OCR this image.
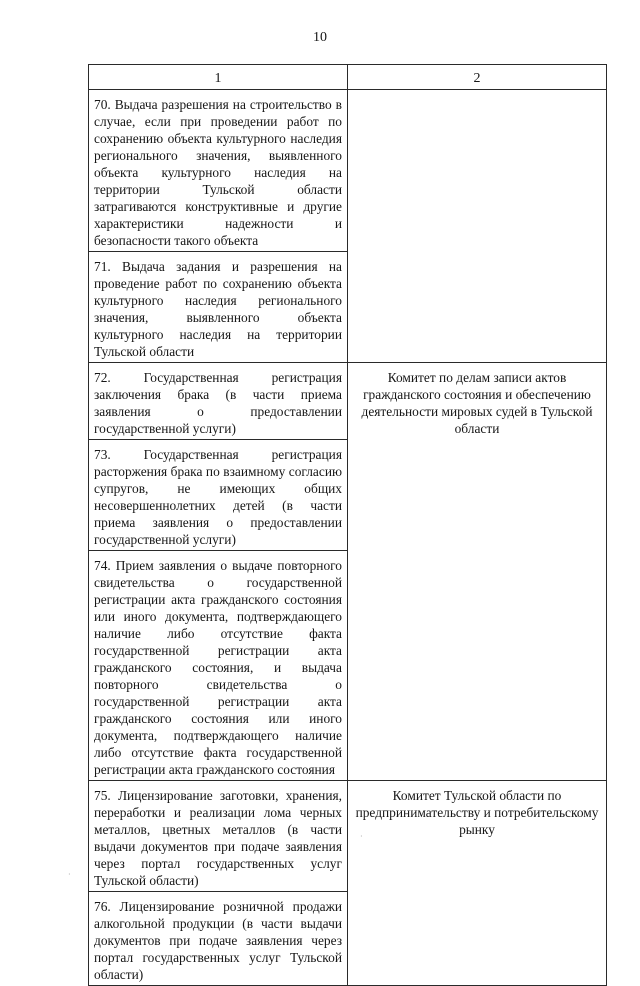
10
1	2
70. Выдача разрешения на строительство в случае, если при проведении работ по сохранению объекта культурного наследия регионального значения, выявленного объекта культурного наследия на территории Тульской области затрагиваются конструктивные и другие характеристики надежности и безопасности такого объекта	
71. Выдача задания и разрешения на проведение работ по сохранению объекта культурного наследия регионального значения, выявленного объекта культурного наследия на территории Тульской области	
72. Государственная регистрация заключения брака (в части приема заявления о предоставлении государственной услуги)	Комитет по делам записи актов гражданского состояния и обеспечению деятельности мировых судей в Тульской области
73. Государственная регистрация расторжения брака по взаимному согласию супругов, не имеющих общих несовершеннолетних детей (в части приема заявления о предоставлении государственной услуги)	
74. Прием заявления о выдаче повторного свидетельства о государственной регистрации акта гражданского состояния или иного документа, подтверждающего наличие либо отсутствие факта государственной регистрации акта гражданского состояния, и выдача повторного свидетельства о государственной регистрации акта гражданского состояния или иного документа, подтверждающего наличие либо отсутствие факта государственной регистрации акта гражданского состояния	
75. Лицензирование заготовки, хранения, переработки и реализации лома черных металлов, цветных металлов (в части выдачи документов при подаче заявления через портал государственных услуг Тульской области)	Комитет Тульской области по предпринимательству и потребительскому рынку
76. Лицензирование розничной продажи алкогольной продукции (в части выдачи документов при подаче заявления через портал государственных услуг Тульской области)	
·
·
